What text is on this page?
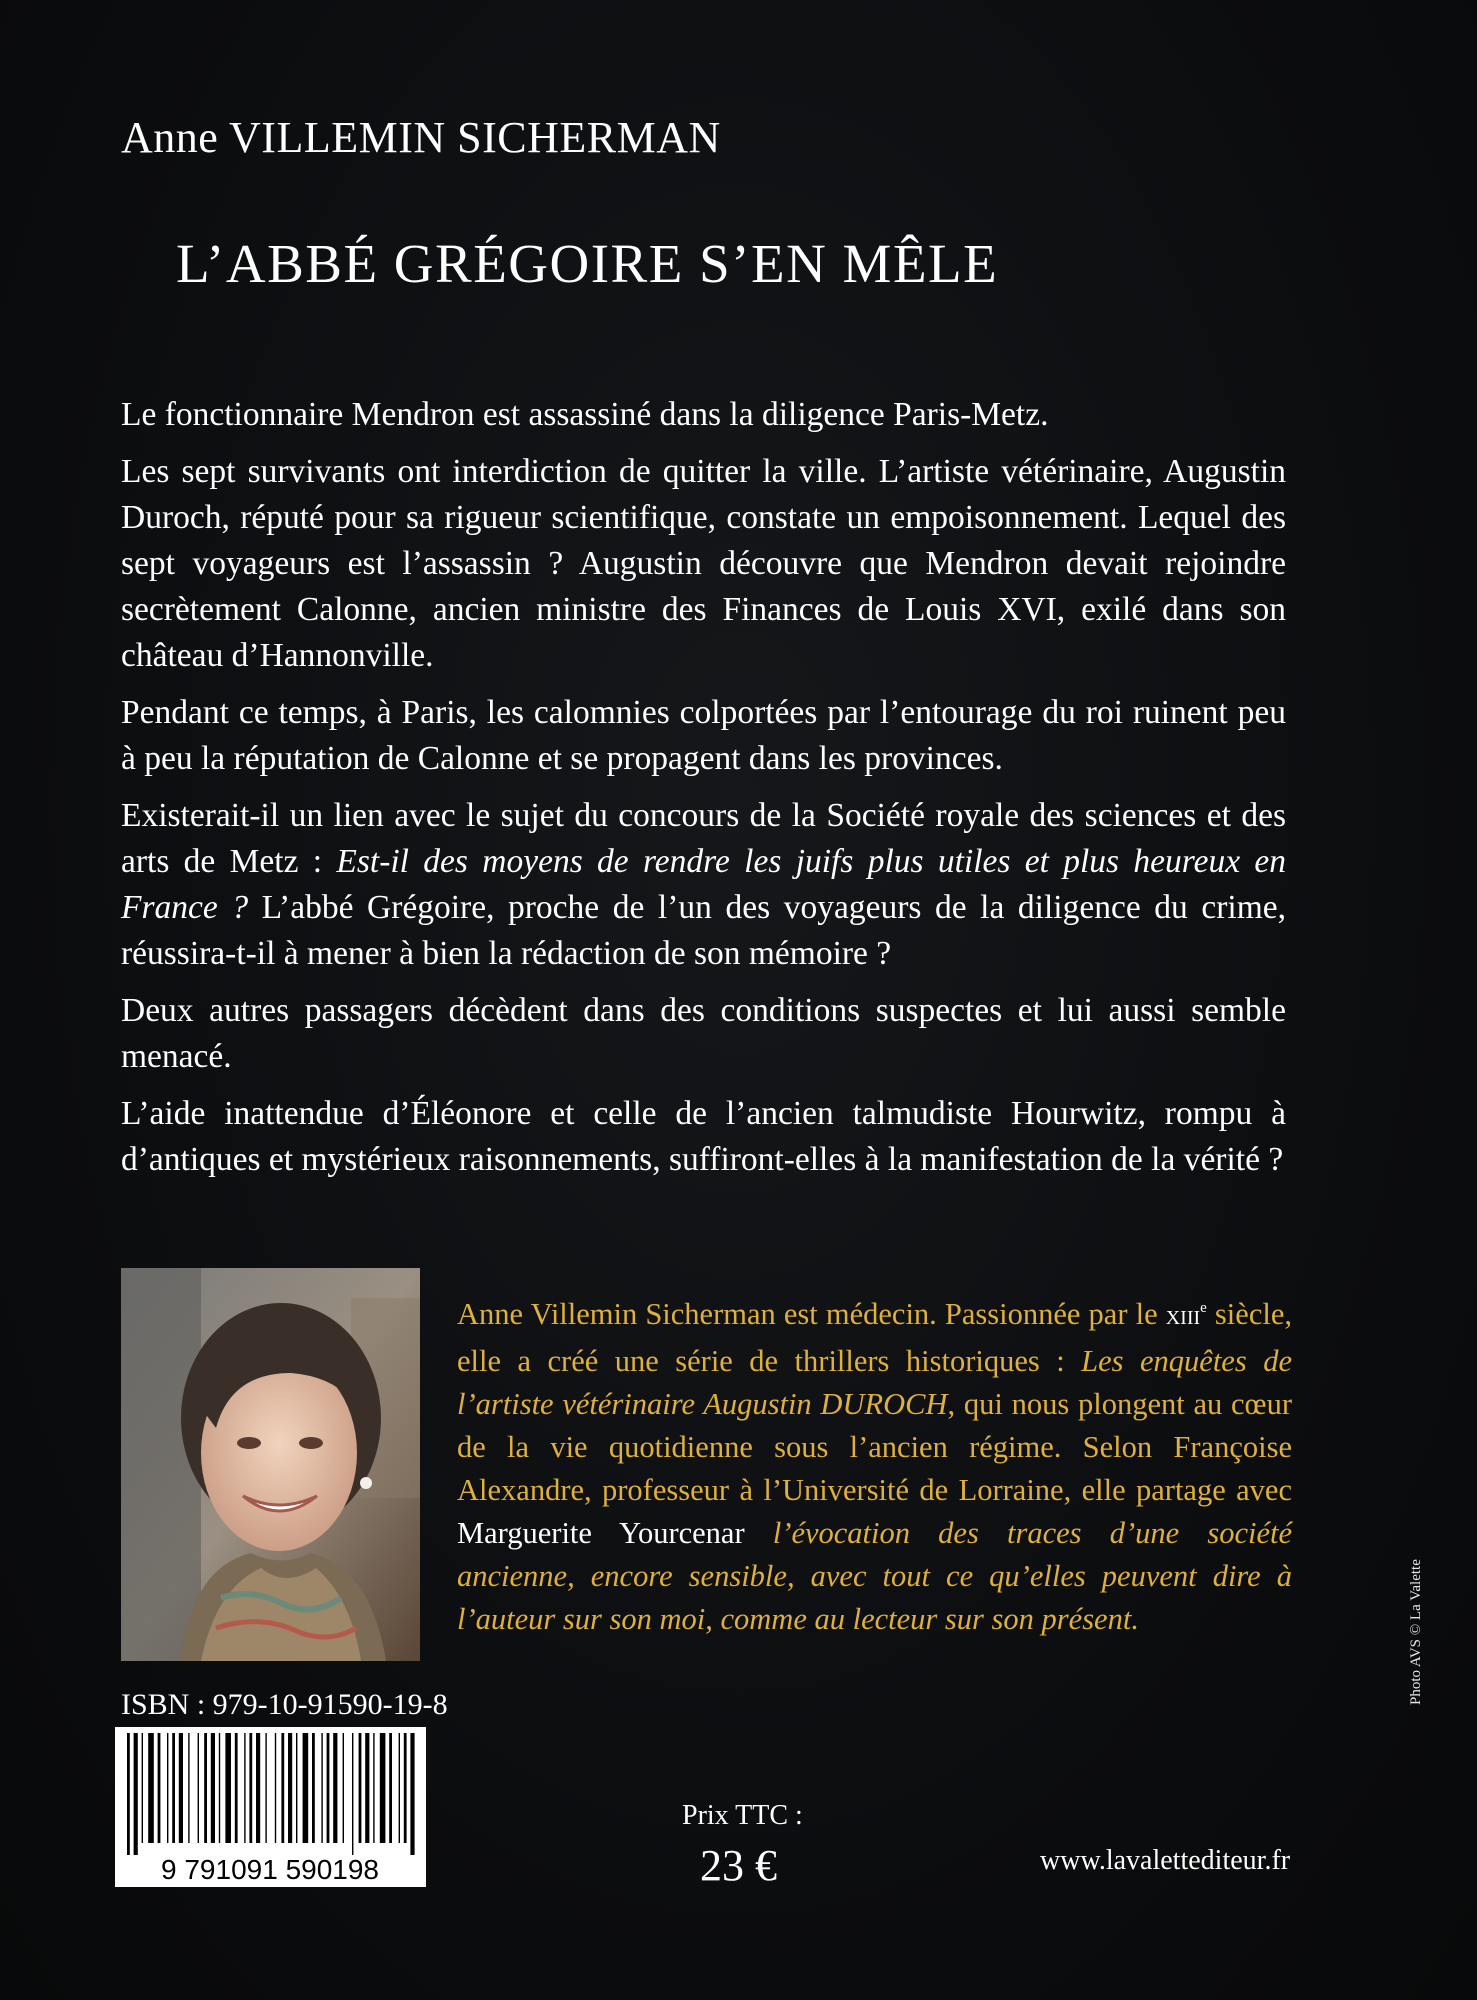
Anne VILLEMIN SICHERMAN
L’ABBÉ GRÉGOIRE S’EN MÊLE

Le fonctionnaire Mendron est assassiné dans la diligence Paris-Metz.

Les sept survivants ont interdiction de quitter la ville. L’artiste vétérinaire, Augustin Duroch, réputé pour sa rigueur scientifique, constate un empoisonnement. Lequel des sept voyageurs est l’assassin ? Augustin découvre que Mendron devait rejoindre secrètement Calonne, ancien ministre des Finances de Louis XVI, exilé dans son château d’Hannonville.

Pendant ce temps, à Paris, les calomnies colportées par l’entourage du roi ruinent peu à peu la réputation de Calonne et se propagent dans les provinces.

Existerait-il un lien avec le sujet du concours de la Société royale des sciences et des arts de Metz : Est-il des moyens de rendre les juifs plus utiles et plus heureux en France ? L’abbé Grégoire, proche de l’un des voyageurs de la diligence du crime, réussira-t-il à mener à bien la rédaction de son mémoire ?

Deux autres passagers décèdent dans des conditions suspectes et lui aussi semble menacé.

L’aide inattendue d’Éléonore et celle de l’ancien talmudiste Hourwitz, rompu à d’antiques et mystérieux raisonnements, suffiront-elles à la manifestation de la vérité ?

Anne Villemin Sicherman est médecin. Passionnée par le XIIIe siècle, elle a créé une série de thrillers historiques : Les enquêtes de l’artiste vétérinaire Augustin DUROCH, qui nous plongent au cœur de la vie quotidienne sous l’ancien régime. Selon Françoise Alexandre, professeur à l’Université de Lorraine, elle partage avec Marguerite Yourcenar l’évocation des traces d’une société ancienne, encore sensible, avec tout ce qu’elles peuvent dire à l’auteur sur son moi, comme au lecteur sur son présent.

ISBN : 979-10-91590-19-8
9 791091 590198
Prix TTC :
23 €	www.lavalettediteur.fr
Photo AVS © La Valette
